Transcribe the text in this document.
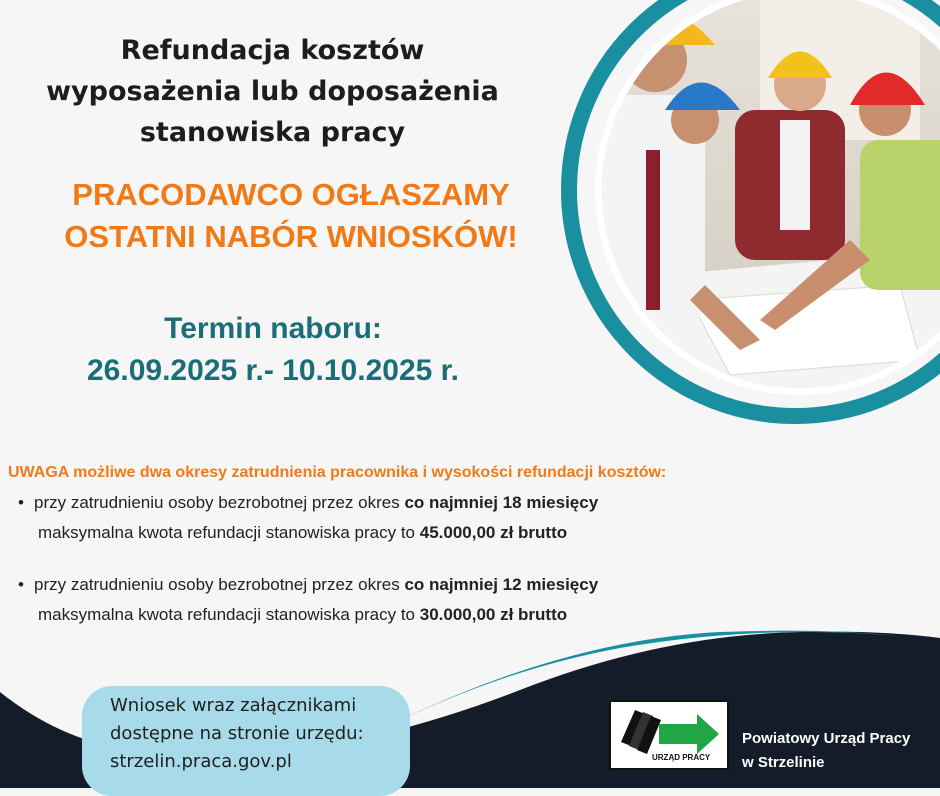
Refundacja kosztów
wyposażenia lub doposażenia
stanowiska pracy
PRACODAWCO OGŁASZAMY
OSTATNI NABÓR WNIOSKÓW!
Termin naboru:
26.09.2025 r.- 10.10.2025 r.
UWAGA możliwe dwa okresy zatrudnienia pracownika i wysokości refundacji kosztów:
• przy zatrudnieniu osoby bezrobotnej przez okres co najmniej 18 miesięcy
maksymalna kwota refundacji stanowiska pracy to 45.000,00 zł brutto
• przy zatrudnieniu osoby bezrobotnej przez okres co najmniej 12 miesięcy
maksymalna kwota refundacji stanowiska pracy to 30.000,00 zł brutto
Wniosek wraz załącznikami
dostępne na stronie urzędu:
strzelin.praca.gov.pl	URZĄD PRACY
Powiatowy Urząd Pracy
w Strzelinie
